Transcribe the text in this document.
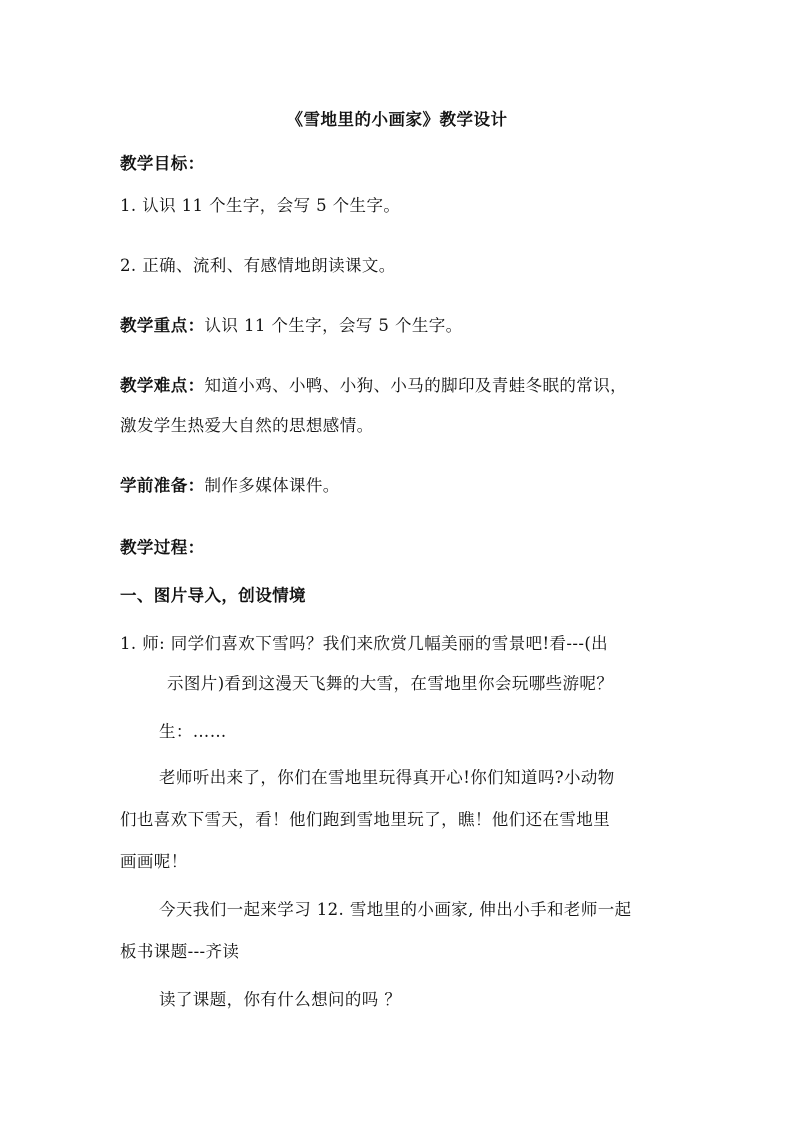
《雪地里的小画家》教学设计
教学目标：
1. 认识 11 个生字，会写 5 个生字。
2. 正确、流利、有感情地朗读课文。
教学重点：认识 11 个生字，会写 5 个生字。
教学难点：知道小鸡、小鸭、小狗、小马的脚印及青蛙冬眠的常识，
激发学生热爱大自然的思想感情。
学前准备：制作多媒体课件。
教学过程：
一、图片导入，创设情境
1. 师: 同学们喜欢下雪吗？我们来欣赏几幅美丽的雪景吧!看---(出
示图片)看到这漫天飞舞的大雪，在雪地里你会玩哪些游呢？
生：……
老师听出来了，你们在雪地里玩得真开心!你们知道吗?小动物
们也喜欢下雪天，看！他们跑到雪地里玩了，瞧！他们还在雪地里
画画呢！
今天我们一起来学习 12. 雪地里的小画家, 伸出小手和老师一起
板书课题---齐读
读了课题，你有什么想问的吗 ？
